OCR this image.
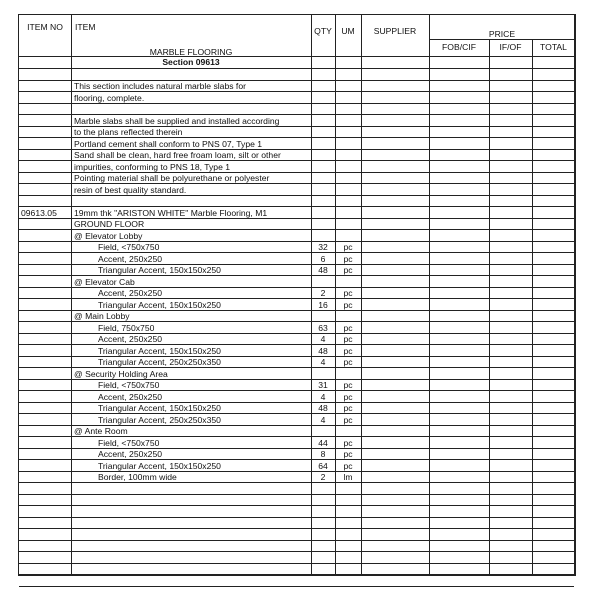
ITEM NO	ITEM	QTY	UM	SUPPLIER	PRICE
FOB/CIF	IF/OF	TOTAL
MARBLE FLOORING
Section 09613
This section includes natural marble slabs for
flooring, complete.
Marble slabs shall be supplied and installed according
to the plans reflected therein
Portland cement shall conform to PNS 07, Type 1
Sand shall be clean, hard free froam loam, silt or other
impurities, conforming to PNS 18, Type 1
Pointing material shall be polyurethane or polyester
resin of best quality standard.
09613.05 19mm thk "ARISTON WHITE" Marble Flooring, M1
GROUND FLOOR
@ Elevator Lobby
Field, <750x750	32	pc
Accent, 250x250	6	pc
Triangular Accent, 150x150x250	48	pc
@ Elevator Cab
Accent, 250x250	2	pc
Triangular Accent, 150x150x250	16	pc
@ Main Lobby
Field, 750x750	63	pc
Accent, 250x250	4	pc
Triangular Accent, 150x150x250	48	pc
Triangular Accent, 250x250x350	4	pc
@ Security Holding Area
Field, <750x750	31	pc
Accent, 250x250	4	pc
Triangular Accent, 150x150x250	48	pc
Triangular Accent, 250x250x350	4	pc
@ Ante Room
Field, <750x750	44	pc
Accent, 250x250	8	pc
Triangular Accent, 150x150x250	64	pc
Border, 100mm wide	2	lm
